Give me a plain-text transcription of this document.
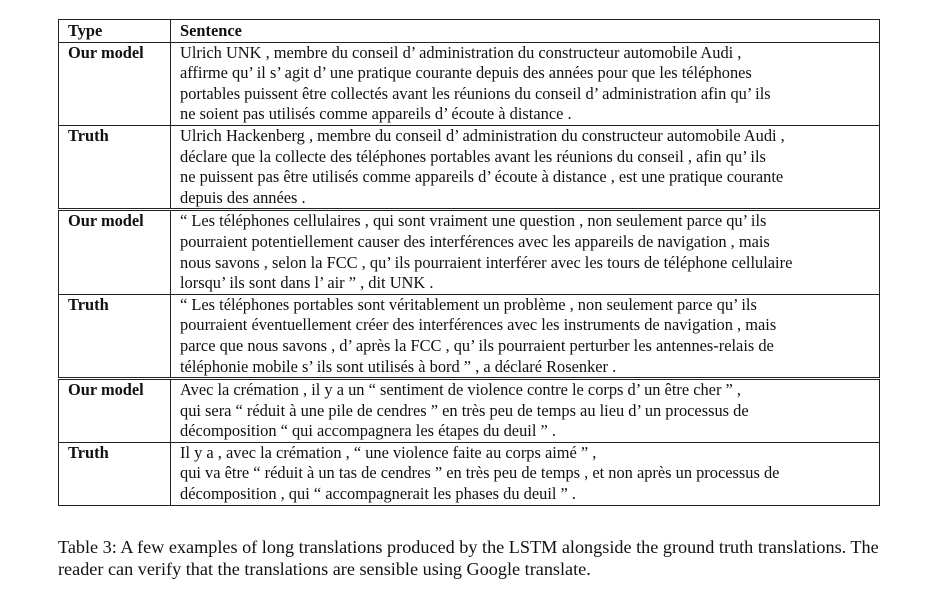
Type	Sentence
Our model	Ulrich UNK , membre du conseil d’ administration du constructeur automobile Audi ,
affirme qu’ il s’ agit d’ une pratique courante depuis des années pour que les téléphones
portables puissent être collectés avant les réunions du conseil d’ administration afin qu’ ils
ne soient pas utilisés comme appareils d’ écoute à distance .

Truth	Ulrich Hackenberg , membre du conseil d’ administration du constructeur automobile Audi ,
déclare que la collecte des téléphones portables avant les réunions du conseil , afin qu’ ils
ne puissent pas être utilisés comme appareils d’ écoute à distance , est une pratique courante
depuis des années .

Our model	“ Les téléphones cellulaires , qui sont vraiment une question , non seulement parce qu’ ils
pourraient potentiellement causer des interférences avec les appareils de navigation , mais
nous savons , selon la FCC , qu’ ils pourraient interférer avec les tours de téléphone cellulaire
lorsqu’ ils sont dans l’ air ” , dit UNK .

Truth	“ Les téléphones portables sont véritablement un problème , non seulement parce qu’ ils
pourraient éventuellement créer des interférences avec les instruments de navigation , mais
parce que nous savons , d’ après la FCC , qu’ ils pourraient perturber les antennes-relais de
téléphonie mobile s’ ils sont utilisés à bord ” , a déclaré Rosenker .

Our model	Avec la crémation , il y a un “ sentiment de violence contre le corps d’ un être cher ” ,
qui sera “ réduit à une pile de cendres ” en très peu de temps au lieu d’ un processus de
décomposition “ qui accompagnera les étapes du deuil ” .

Truth	Il y a , avec la crémation , “ une violence faite au corps aimé ” ,
qui va être “ réduit à un tas de cendres ” en très peu de temps , et non après un processus de
décomposition , qui “ accompagnerait les phases du deuil ” .
Table 3: A few examples of long translations produced by the LSTM alongside the ground truth translations. The reader can verify that the translations are sensible using Google translate.
